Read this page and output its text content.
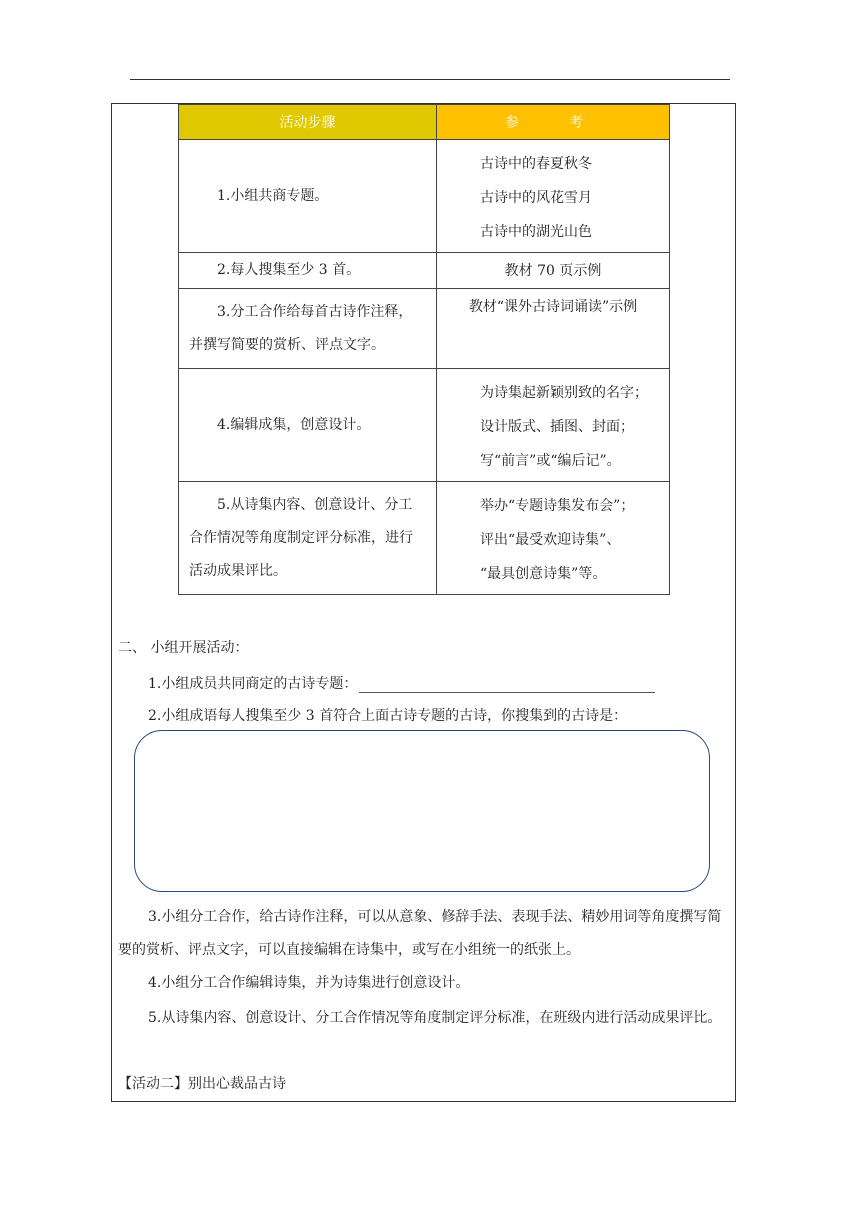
活动步骤	参　考

1.小组共商专题。	古诗中的春夏秋冬
古诗中的风花雪月
古诗中的湖光山色

2.每人搜集至少 3 首。	教材 70 页示例

3.分工合作给每首古诗作注释，并撰写简要的赏析、评点文字。	教材“课外古诗词诵读”示例

4.编辑成集，创意设计。	为诗集起新颖别致的名字；
设计版式、插图、封面；
写“前言”或“编后记”。

5.从诗集内容、创意设计、分工合作情况等角度制定评分标准，进行活动成果评比。	举办“专题诗集发布会”；
评出“最受欢迎诗集”、
“最具创意诗集”等。
二、 小组开展活动：
1.小组成员共同商定的古诗专题：
2.小组成语每人搜集至少 3 首符合上面古诗专题的古诗，你搜集到的古诗是：
3.小组分工合作，给古诗作注释，可以从意象、修辞手法、表现手法、精妙用词等角度撰写简要的赏析、评点文字，可以直接编辑在诗集中，或写在小组统一的纸张上。
4.小组分工合作编辑诗集，并为诗集进行创意设计。
5.从诗集内容、创意设计、分工合作情况等角度制定评分标准，在班级内进行活动成果评比。
【活动二】别出心裁品古诗
